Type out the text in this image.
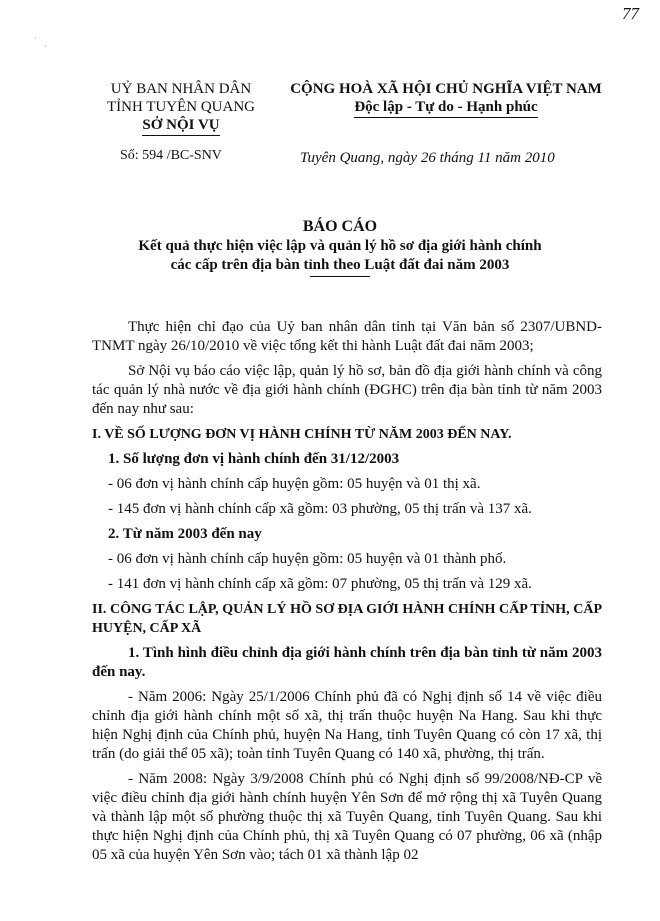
77
˙
·
UỶ BAN NHÂN DÂN
TỈNH TUYÊN QUANG
SỞ NỘI VỤ
CỘNG HOÀ XÃ HỘI CHỦ NGHĨA VIỆT NAM
Độc lập - Tự do - Hạnh phúc
Số: 594 /BC-SNV	Tuyên Quang, ngày 26 tháng 11 năm 2010
BÁO CÁO
Kết quả thực hiện việc lập và quản lý hồ sơ địa giới hành chính
các cấp trên địa bàn tỉnh theo Luật đất đai năm 2003

Thực hiện chỉ đạo của Uỷ ban nhân dân tỉnh tại Văn bản số 2307/UBND-TNMT ngày 26/10/2010 về việc tổng kết thi hành Luật đất đai năm 2003;

Sở Nội vụ báo cáo việc lập, quản lý hồ sơ, bản đồ địa giới hành chính và công tác quản lý nhà nước về địa giới hành chính (ĐGHC) trên địa bàn tỉnh từ năm 2003 đến nay như sau:

I. VỀ SỐ LƯỢNG ĐƠN VỊ HÀNH CHÍNH TỪ NĂM 2003 ĐẾN NAY.

1. Số lượng đơn vị hành chính đến 31/12/2003

- 06 đơn vị hành chính cấp huyện gồm: 05 huyện và 01 thị xã.

- 145 đơn vị hành chính cấp xã gồm: 03 phường, 05 thị trấn và 137 xã.

2. Từ năm 2003 đến nay

- 06 đơn vị hành chính cấp huyện gồm: 05 huyện và 01 thành phố.

- 141 đơn vị hành chính cấp xã gồm: 07 phường, 05 thị trấn và 129 xã.

II. CÔNG TÁC LẬP, QUẢN LÝ HỒ SƠ ĐỊA GIỚI HÀNH CHÍNH CẤP TỈNH, CẤP HUYỆN, CẤP XÃ

1. Tình hình điều chỉnh địa giới hành chính trên địa bàn tỉnh từ năm 2003 đến nay.

- Năm 2006: Ngày 25/1/2006 Chính phủ đã có Nghị định số 14 về việc điều chỉnh địa giới hành chính một số xã, thị trấn thuộc huyện Na Hang. Sau khi thực hiện Nghị định của Chính phủ, huyện Na Hang, tỉnh Tuyên Quang có còn 17 xã, thị trấn (do giải thể 05 xã); toàn tỉnh Tuyên Quang có 140 xã, phường, thị trấn.

- Năm 2008: Ngày 3/9/2008 Chính phủ có Nghị định số 99/2008/NĐ-CP về việc điều chỉnh địa giới hành chính huyện Yên Sơn để mở rộng thị xã Tuyên Quang và thành lập một số phường thuộc thị xã Tuyên Quang, tỉnh Tuyên Quang. Sau khi thực hiện Nghị định của Chính phủ, thị xã Tuyên Quang có 07 phường, 06 xã (nhập 05 xã của huyện Yên Sơn vào; tách 01 xã thành lập 02
